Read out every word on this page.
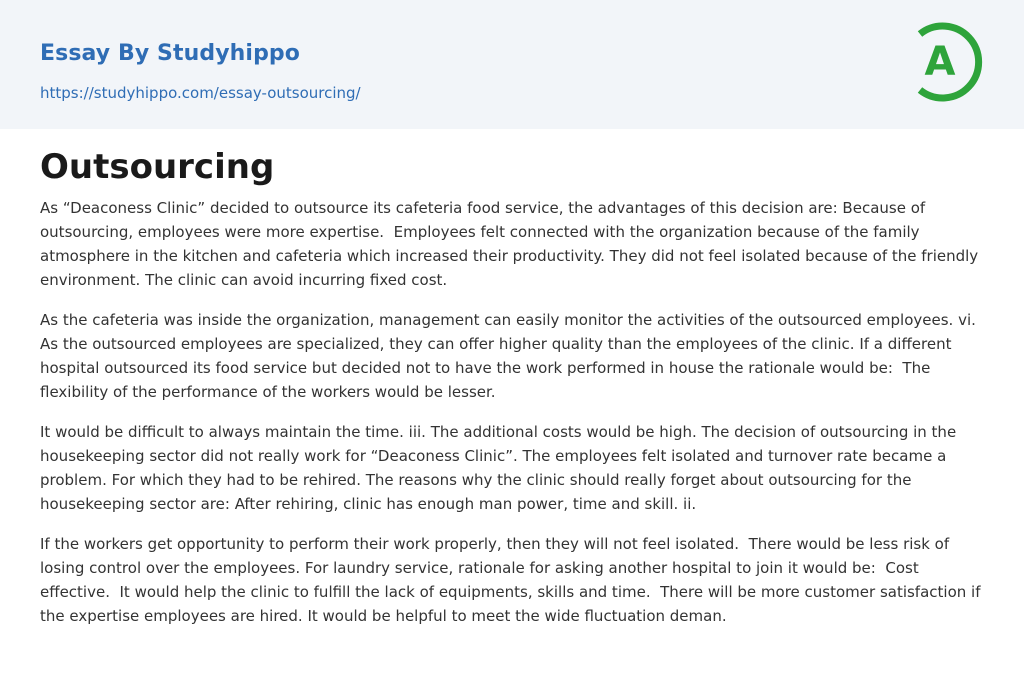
Essay By Studyhippo
https://studyhippo.com/essay-outsourcing/
A
Outsourcing

As “Deaconess Clinic” decided to outsource its cafeteria food service, the advantages of this decision are: Because of outsourcing, employees were more expertise.  Employees felt connected with the organization because of the family atmosphere in the kitchen and cafeteria which increased their productivity. They did not feel isolated because of the friendly environment. The clinic can avoid incurring fixed cost.

As the cafeteria was inside the organization, management can easily monitor the activities of the outsourced employees. vi. As the outsourced employees are specialized, they can offer higher quality than the employees of the clinic. If a different hospital outsourced its food service but decided not to have the work performed in house the rationale would be:  The flexibility of the performance of the workers would be lesser.

It would be difficult to always maintain the time. iii. The additional costs would be high. The decision of outsourcing in the housekeeping sector did not really work for “Deaconess Clinic”. The employees felt isolated and turnover rate became a problem. For which they had to be rehired. The reasons why the clinic should really forget about outsourcing for the housekeeping sector are: After rehiring, clinic has enough man power, time and skill. ii.

If the workers get opportunity to perform their work properly, then they will not feel isolated.  There would be less risk of losing control over the employees. For laundry service, rationale for asking another hospital to join it would be:  Cost effective.  It would help the clinic to fulfill the lack of equipments, skills and time.  There will be more customer satisfaction if the expertise employees are hired. It would be helpful to meet the wide fluctuation deman.
